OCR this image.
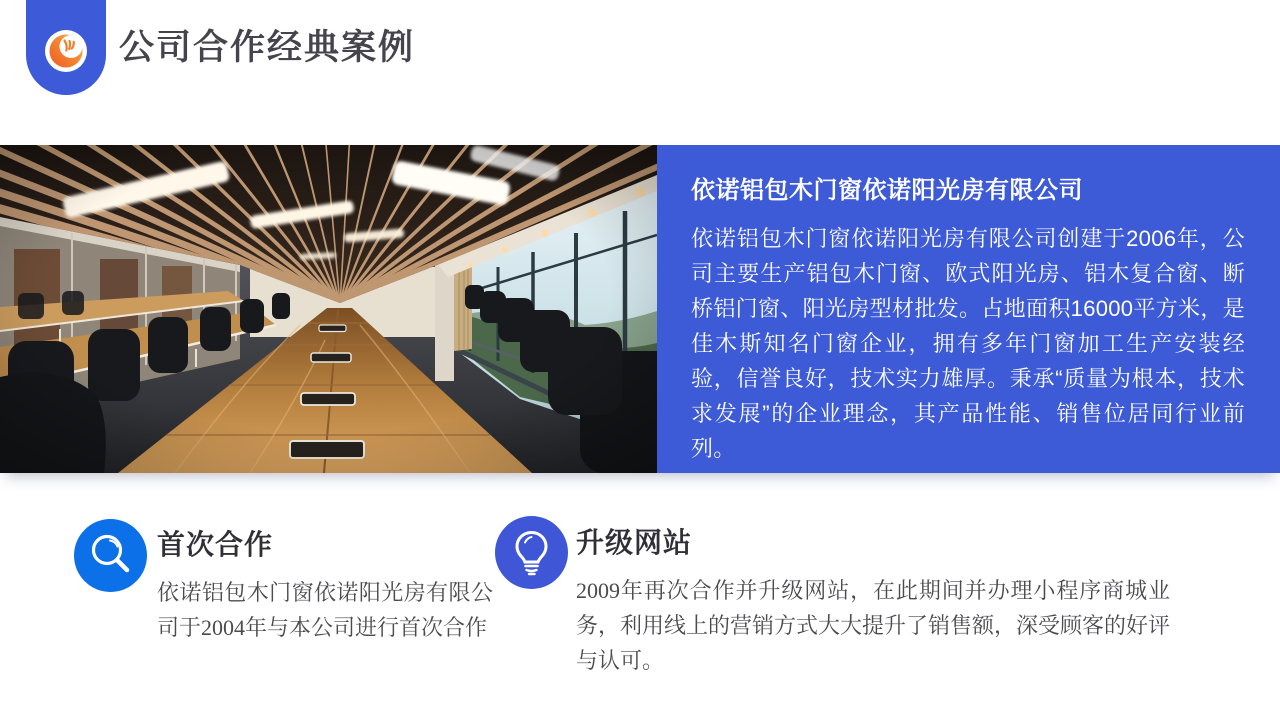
公司合作经典案例
依诺铝包木门窗依诺阳光房有限公司

依诺铝包木门窗依诺阳光房有限公司创建于2006年，公司主要生产铝包木门窗、欧式阳光房、铝木复合窗、断桥铝门窗、阳光房型材批发。占地面积16000平方米，是佳木斯知名门窗企业，拥有多年门窗加工生产安装经验，信誉良好，技术实力雄厚。秉承“质量为根本，技术求发展”的企业理念，其产品性能、销售位居同行业前列。

首次合作

依诺铝包木门窗依诺阳光房有限公司于2004年与本公司进行首次合作

升级网站

2009年再次合作并升级网站，在此期间并办理小程序商城业务，利用线上的营销方式大大提升了销售额，深受顾客的好评与认可。
